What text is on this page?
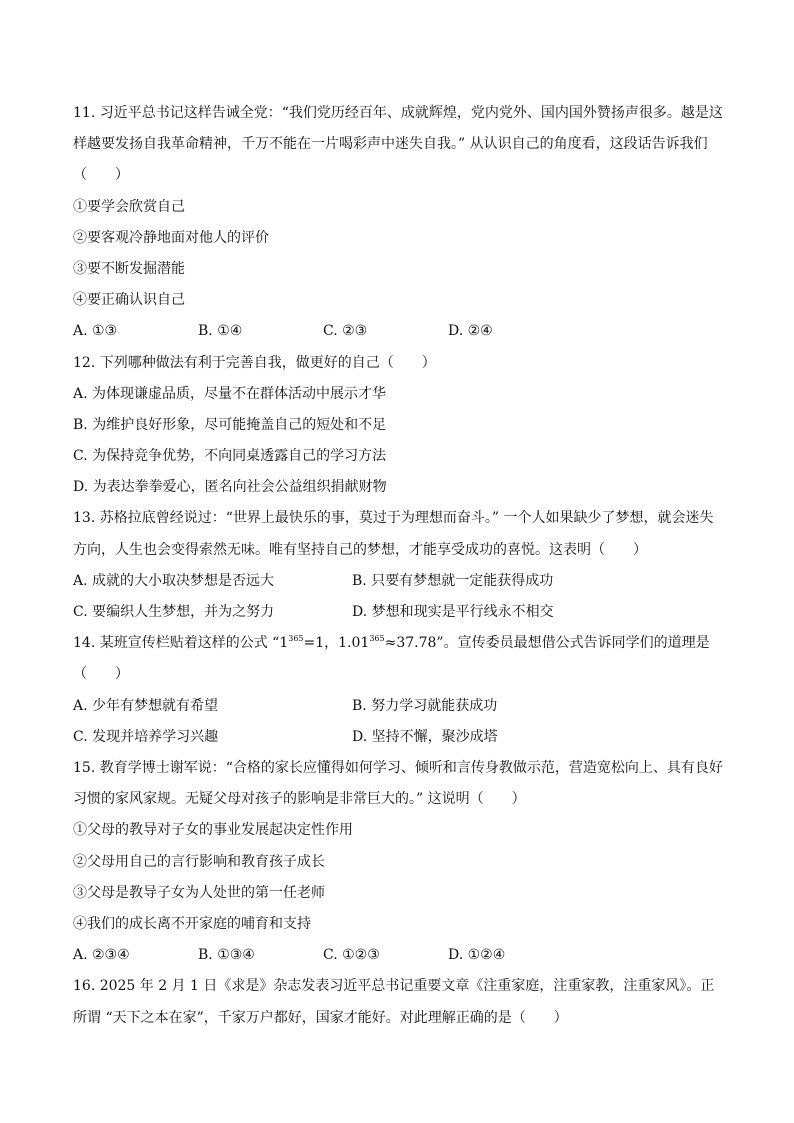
11. 习近平总书记这样告诫全党：“我们党历经百年、成就辉煌，党内党外、国内国外赞扬声很多。越是这样越要发扬自我革命精神，千万不能在一片喝彩声中迷失自我。” 从认识自己的角度看，这段话告诉我们（　　）
①要学会欣赏自己
②要客观冷静地面对他人的评价
③要不断发掘潜能
④要正确认识自己
A. ①③	B. ①④	C. ②③	D. ②④
12. 下列哪种做法有利于完善自我，做更好的自己（　　）
A. 为体现谦虚品质，尽量不在群体活动中展示才华
B. 为维护良好形象，尽可能掩盖自己的短处和不足
C. 为保持竞争优势，不向同桌透露自己的学习方法
D. 为表达拳拳爱心，匿名向社会公益组织捐献财物
13. 苏格拉底曾经说过：“世界上最快乐的事，莫过于为理想而奋斗。” 一个人如果缺少了梦想，就会迷失方向，人生也会变得索然无味。唯有坚持自己的梦想，才能享受成功的喜悦。这表明（　　）
A. 成就的大小取决梦想是否远大	B. 只要有梦想就一定能获得成功
C. 要编织人生梦想，并为之努力	D. 梦想和现实是平行线永不相交
14. 某班宣传栏贴着这样的公式 “$1^{365}=1$，$1.01^{365}\approx 37.78$”。宣传委员最想借公式告诉同学们的道理是
（　　）
A. 少年有梦想就有希望	B. 努力学习就能获成功
C. 发现并培养学习兴趣	D. 坚持不懈，聚沙成塔
15. 教育学博士谢军说：“合格的家长应懂得如何学习、倾听和言传身教做示范，营造宽松向上、具有良好习惯的家风家规。无疑父母对孩子的影响是非常巨大的。” 这说明（　　）
①父母的教导对子女的事业发展起决定性作用
②父母用自己的言行影响和教育孩子成长
③父母是教导子女为人处世的第一任老师
④我们的成长离不开家庭的哺育和支持
A. ②③④	B. ①③④	C. ①②③	D. ①②④
16. 2025 年 2 月 1 日《求是》杂志发表习近平总书记重要文章《注重家庭，注重家教，注重家风》。正所谓 “天下之本在家”，千家万户都好，国家才能好。对此理解正确的是（　　）
